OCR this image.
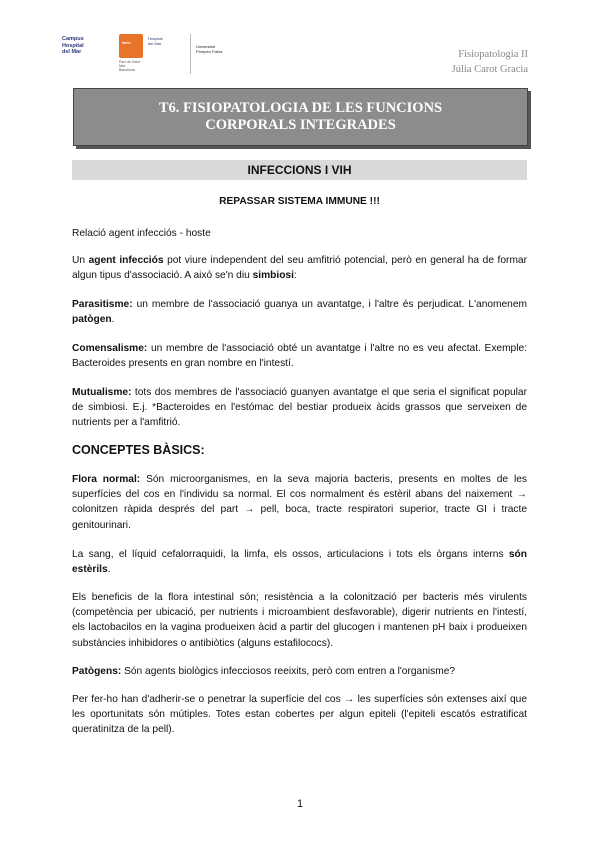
Campus
Hospital
del Mar
imim
Hospital
del Mar
Parc de Salut
Mar
Barcelona
Universitat
Pompeu Fabra	Fisiopatologia II
Júlia Carot Gracia
T6. FISIOPATOLOGIA DE LES FUNCIONS CORPORALS INTEGRADES
INFECCIONS I VIH

REPASSAR SISTEMA IMMUNE !!!

Relació agent infecciós - hoste

Un agent infecciós pot viure independent del seu amfitrió potencial, però en general ha de formar algun tipus d'associació. A això se'n diu simbiosi:

Parasitisme: un membre de l'associació guanya un avantatge, i l'altre és perjudicat. L'anomenem patògen.

Comensalisme: un membre de l'associació obté un avantatge i l'altre no es veu afectat. Exemple: Bacteroides presents en gran nombre en l'intestí.

Mutualisme: tots dos membres de l'associació guanyen avantatge el que seria el significat popular de simbiosi. E.j. *Bacteroides en l'estómac del bestiar produeix àcids grassos que serveixen de nutrients per a l'amfitrió.

CONCEPTES BÀSICS:

Flora normal: Són microorganismes, en la seva majoria bacteris, presents en moltes de les superfícies del cos en l'individu sa normal. El cos normalment és estèril abans del naixement → colonitzen ràpida després del part → pell, boca, tracte respiratori superior, tracte GI i tracte genitourinari.

La sang, el líquid cefalorraquidi, la limfa, els ossos, articulacions i tots els òrgans interns són estèrils.

Els beneficis de la flora intestinal són; resistència a la colonització per bacteris més virulents (competència per ubicació, per nutrients i microambient desfavorable), digerir nutrients en l'intestí, els lactobacilos en la vagina produeixen àcid a partir del glucogen i mantenen pH baix i produeixen substàncies inhibidores o antibiòtics (alguns estafilococs).

Patògens: Són agents biològics infecciosos reeixits, però com entren a l'organisme?

Per fer-ho han d'adherir-se o penetrar la superfície del cos → les superfícies són extenses així que les oportunitats són mútiples. Totes estan cobertes per algun epiteli (l'epiteli escatós estratificat queratinitza de la pell).

1
